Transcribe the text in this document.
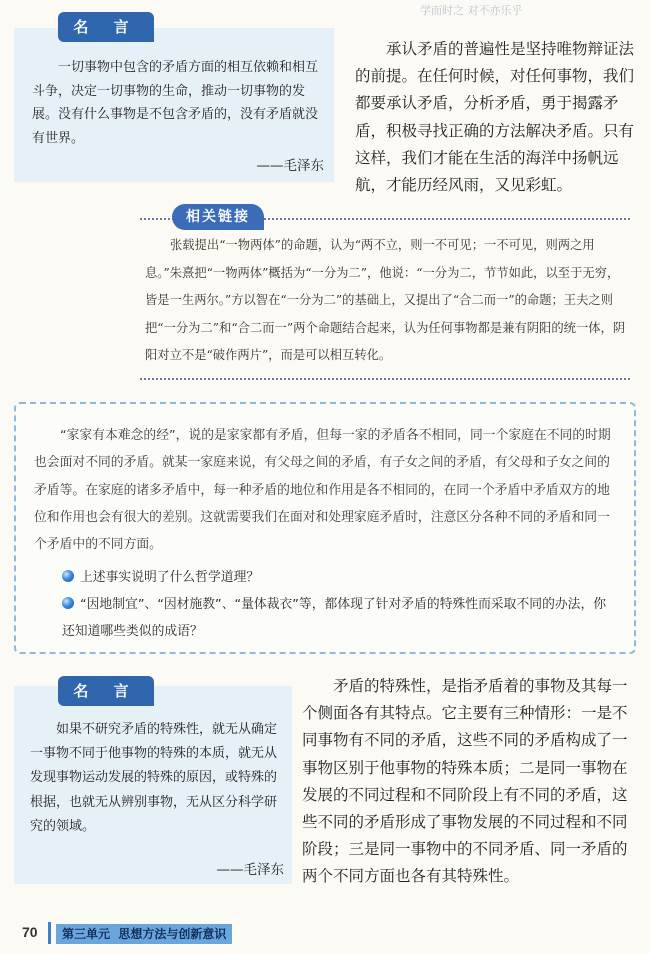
名 言
一切事物中包含的矛盾方面的相互依赖和相互斗争，决定一切事物的生命，推动一切事物的发展。没有什么事物是不包含矛盾的，没有矛盾就没有世界。
——毛泽东
学而时之 对不亦乐乎
承认矛盾的普遍性是坚持唯物辩证法的前提。在任何时候，对任何事物，我们都要承认矛盾，分析矛盾，勇于揭露矛盾，积极寻找正确的方法解决矛盾。只有这样，我们才能在生活的海洋中扬帆远航，才能历经风雨，又见彩虹。
相关链接
张载提出“一物两体”的命题，认为“两不立，则一不可见；一不可见，则两之用息。”朱熹把“一物两体”概括为“一分为二”，他说：“一分为二，节节如此，以至于无穷，皆是一生两尔。”方以智在“一分为二”的基础上，又提出了“合二而一”的命题；王夫之则把“一分为二”和“合二而一”两个命题结合起来，认为任何事物都是兼有阴阳的统一体，阴阳对立不是“破作两片”，而是可以相互转化。
“家家有本难念的经”，说的是家家都有矛盾，但每一家的矛盾各不相同，同一个家庭在不同的时期也会面对不同的矛盾。就某一家庭来说，有父母之间的矛盾，有子女之间的矛盾，有父母和子女之间的矛盾等。在家庭的诸多矛盾中，每一种矛盾的地位和作用是各不相同的，在同一个矛盾中矛盾双方的地位和作用也会有很大的差别。这就需要我们在面对和处理家庭矛盾时，注意区分各种不同的矛盾和同一个矛盾中的不同方面。
上述事实说明了什么哲学道理？
“因地制宜”、“因材施教”、“量体裁衣”等，都体现了针对矛盾的特殊性而采取不同的办法，你还知道哪些类似的成语？
名 言
如果不研究矛盾的特殊性，就无从确定一事物不同于他事物的特殊的本质，就无从发现事物运动发展的特殊的原因，或特殊的根据，也就无从辨别事物，无从区分科学研究的领域。
——毛泽东
矛盾的特殊性，是指矛盾着的事物及其每一个侧面各有其特点。它主要有三种情形：一是不同事物有不同的矛盾，这些不同的矛盾构成了一事物区别于他事物的特殊本质；二是同一事物在发展的不同过程和不同阶段上有不同的矛盾，这些不同的矛盾形成了事物发展的不同过程和不同阶段；三是同一事物中的不同矛盾、同一矛盾的两个不同方面也各有其特殊性。
70	第三单元 思想方法与创新意识
